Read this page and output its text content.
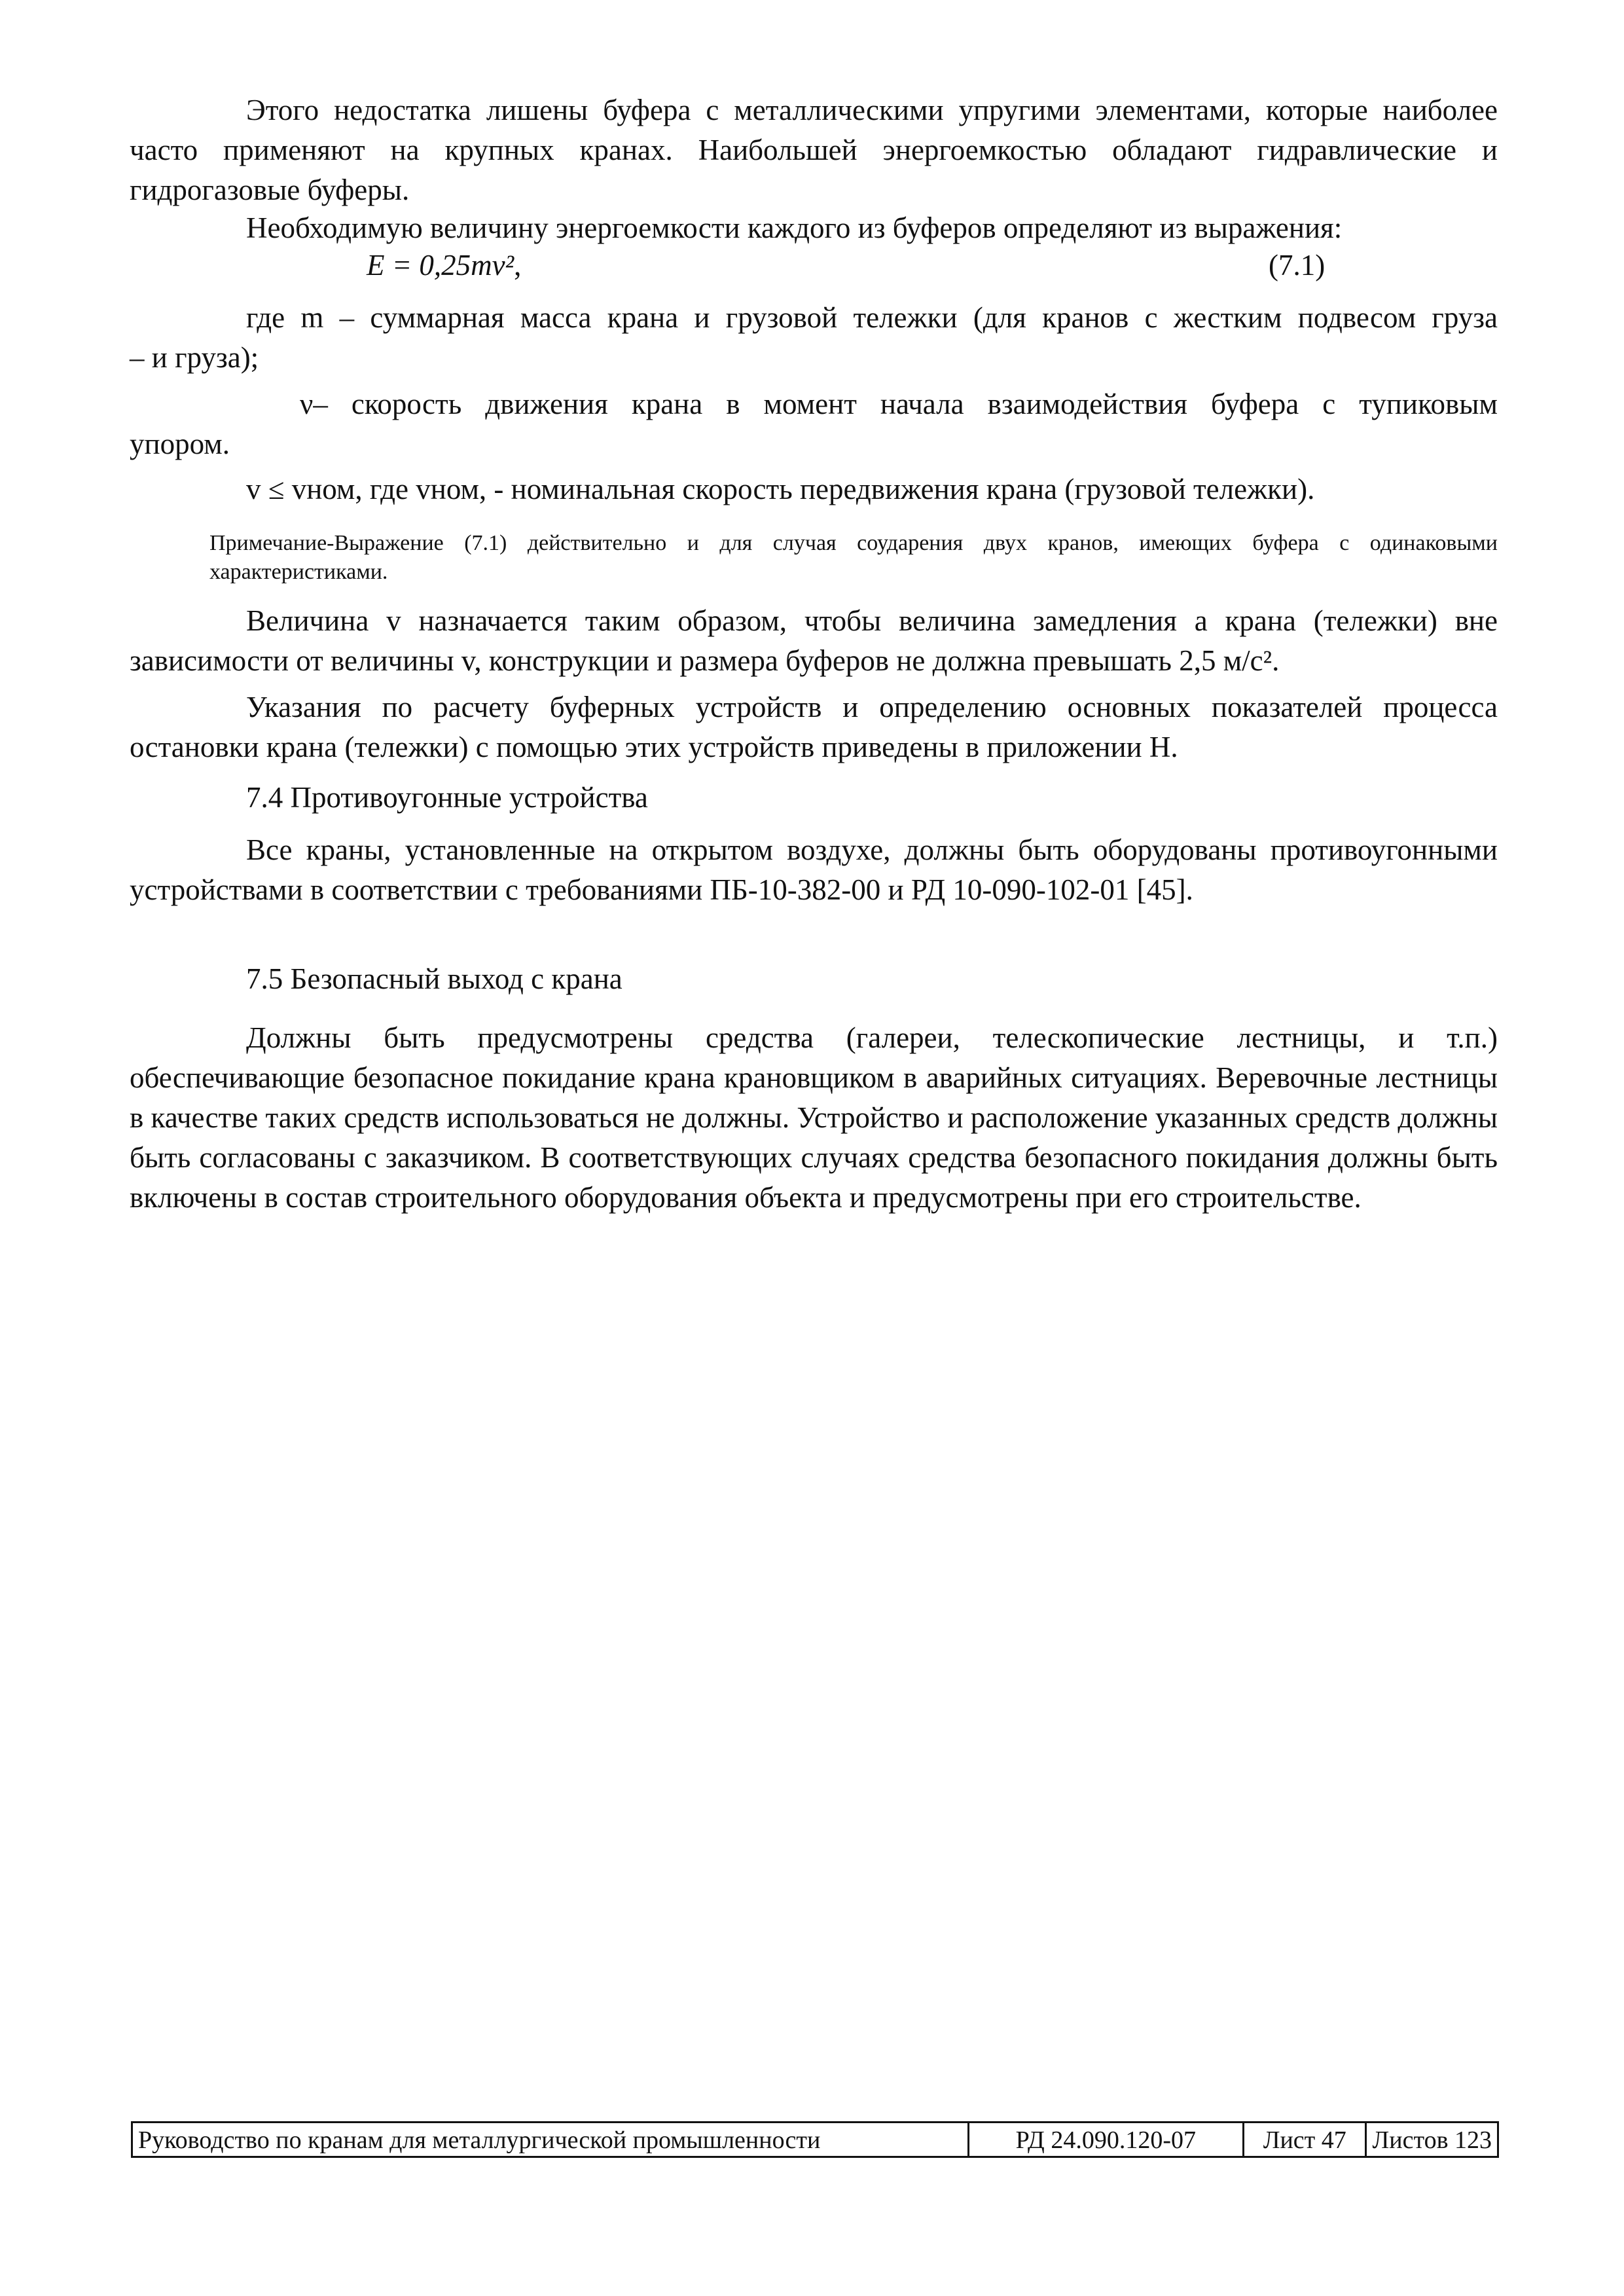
Этого недостатка лишены буфера с металлическими упругими элементами, которые наиболее часто применяют на крупных кранах. Наибольшей энергоемкостью обладают гидравлические и гидрогазовые буферы.

Необходимую величину энергоемкости каждого из буферов определяют из выражения:

E = 0,25mv²,	(7.1)
где m – суммарная масса крана и грузовой тележки (для кранов с жестким подвесом груза
– и груза);
ν– скорость движения крана в момент начала взаимодействия буфера с тупиковым
упором.
v ≤ vном, где vном, - номинальная скорость передвижения крана (грузовой тележки).

Примечание-Выражение (7.1) действительно и для случая соударения двух кранов, имеющих буфера с одинаковыми характеристиками.

Величина v назначается таким образом, чтобы величина замедления a крана (тележки) вне зависимости от величины v, конструкции и размера буферов не должна превышать 2,5 м/с².

Указания по расчету буферных устройств и определению основных показателей процесса остановки крана (тележки) с помощью этих устройств приведены в приложении Н.

7.4 Противоугонные устройства

Все краны, установленные на открытом воздухе, должны быть оборудованы противоугонными устройствами в соответствии с требованиями ПБ-10-382-00 и РД 10-090-102-01 [45].

7.5 Безопасный выход с крана

Должны быть предусмотрены средства (галереи, телескопические лестницы, и т.п.) обеспечивающие безопасное покидание крана крановщиком в аварийных ситуациях. Веревочные лестницы в качестве таких средств использоваться не должны. Устройство и расположение указанных средств должны быть согласованы с заказчиком. В соответствующих случаях средства безопасного покидания должны быть включены в состав строительного оборудования объекта и предусмотрены при его строительстве.

Руководство по кранам для металлургической промышленности	РД 24.090.120-07	Лист 47	Листов 123
